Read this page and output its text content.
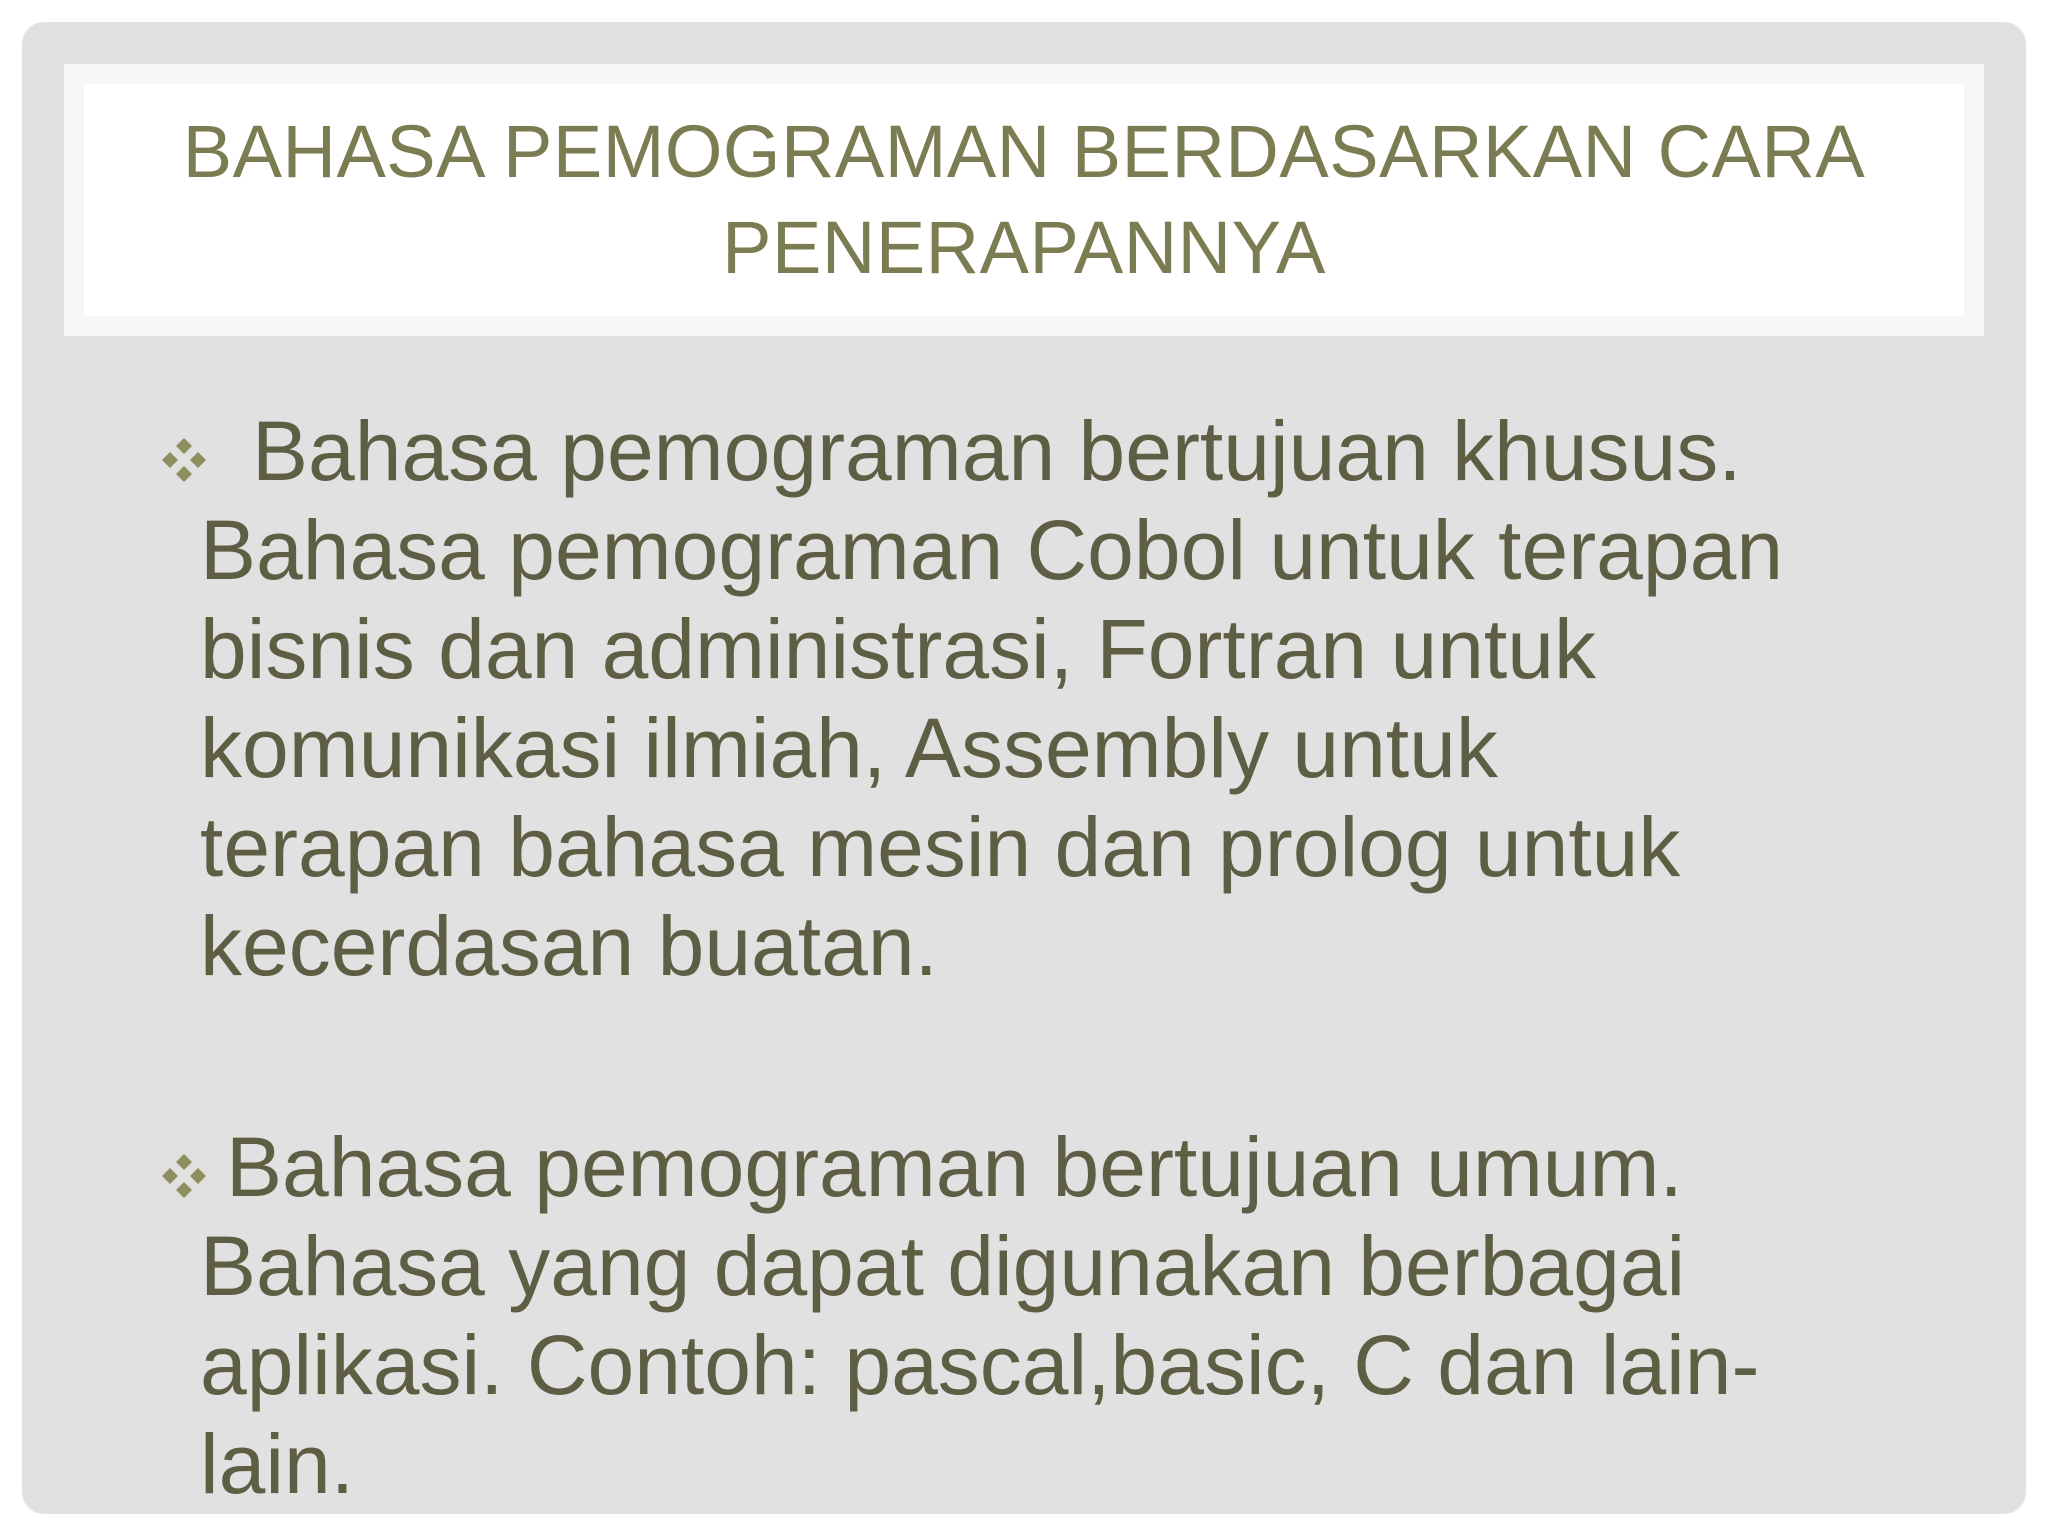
BAHASA PEMOGRAMAN BERDASARKAN CARA
PENERAPANNYA
Bahasa pemograman bertujuan khusus.
Bahasa pemograman Cobol untuk terapan
bisnis dan administrasi, Fortran untuk
komunikasi ilmiah, Assembly untuk
terapan bahasa mesin dan prolog untuk
kecerdasan buatan.
Bahasa pemograman bertujuan umum.
Bahasa yang dapat digunakan berbagai
aplikasi. Contoh: pascal,basic, C dan lain-
lain.
